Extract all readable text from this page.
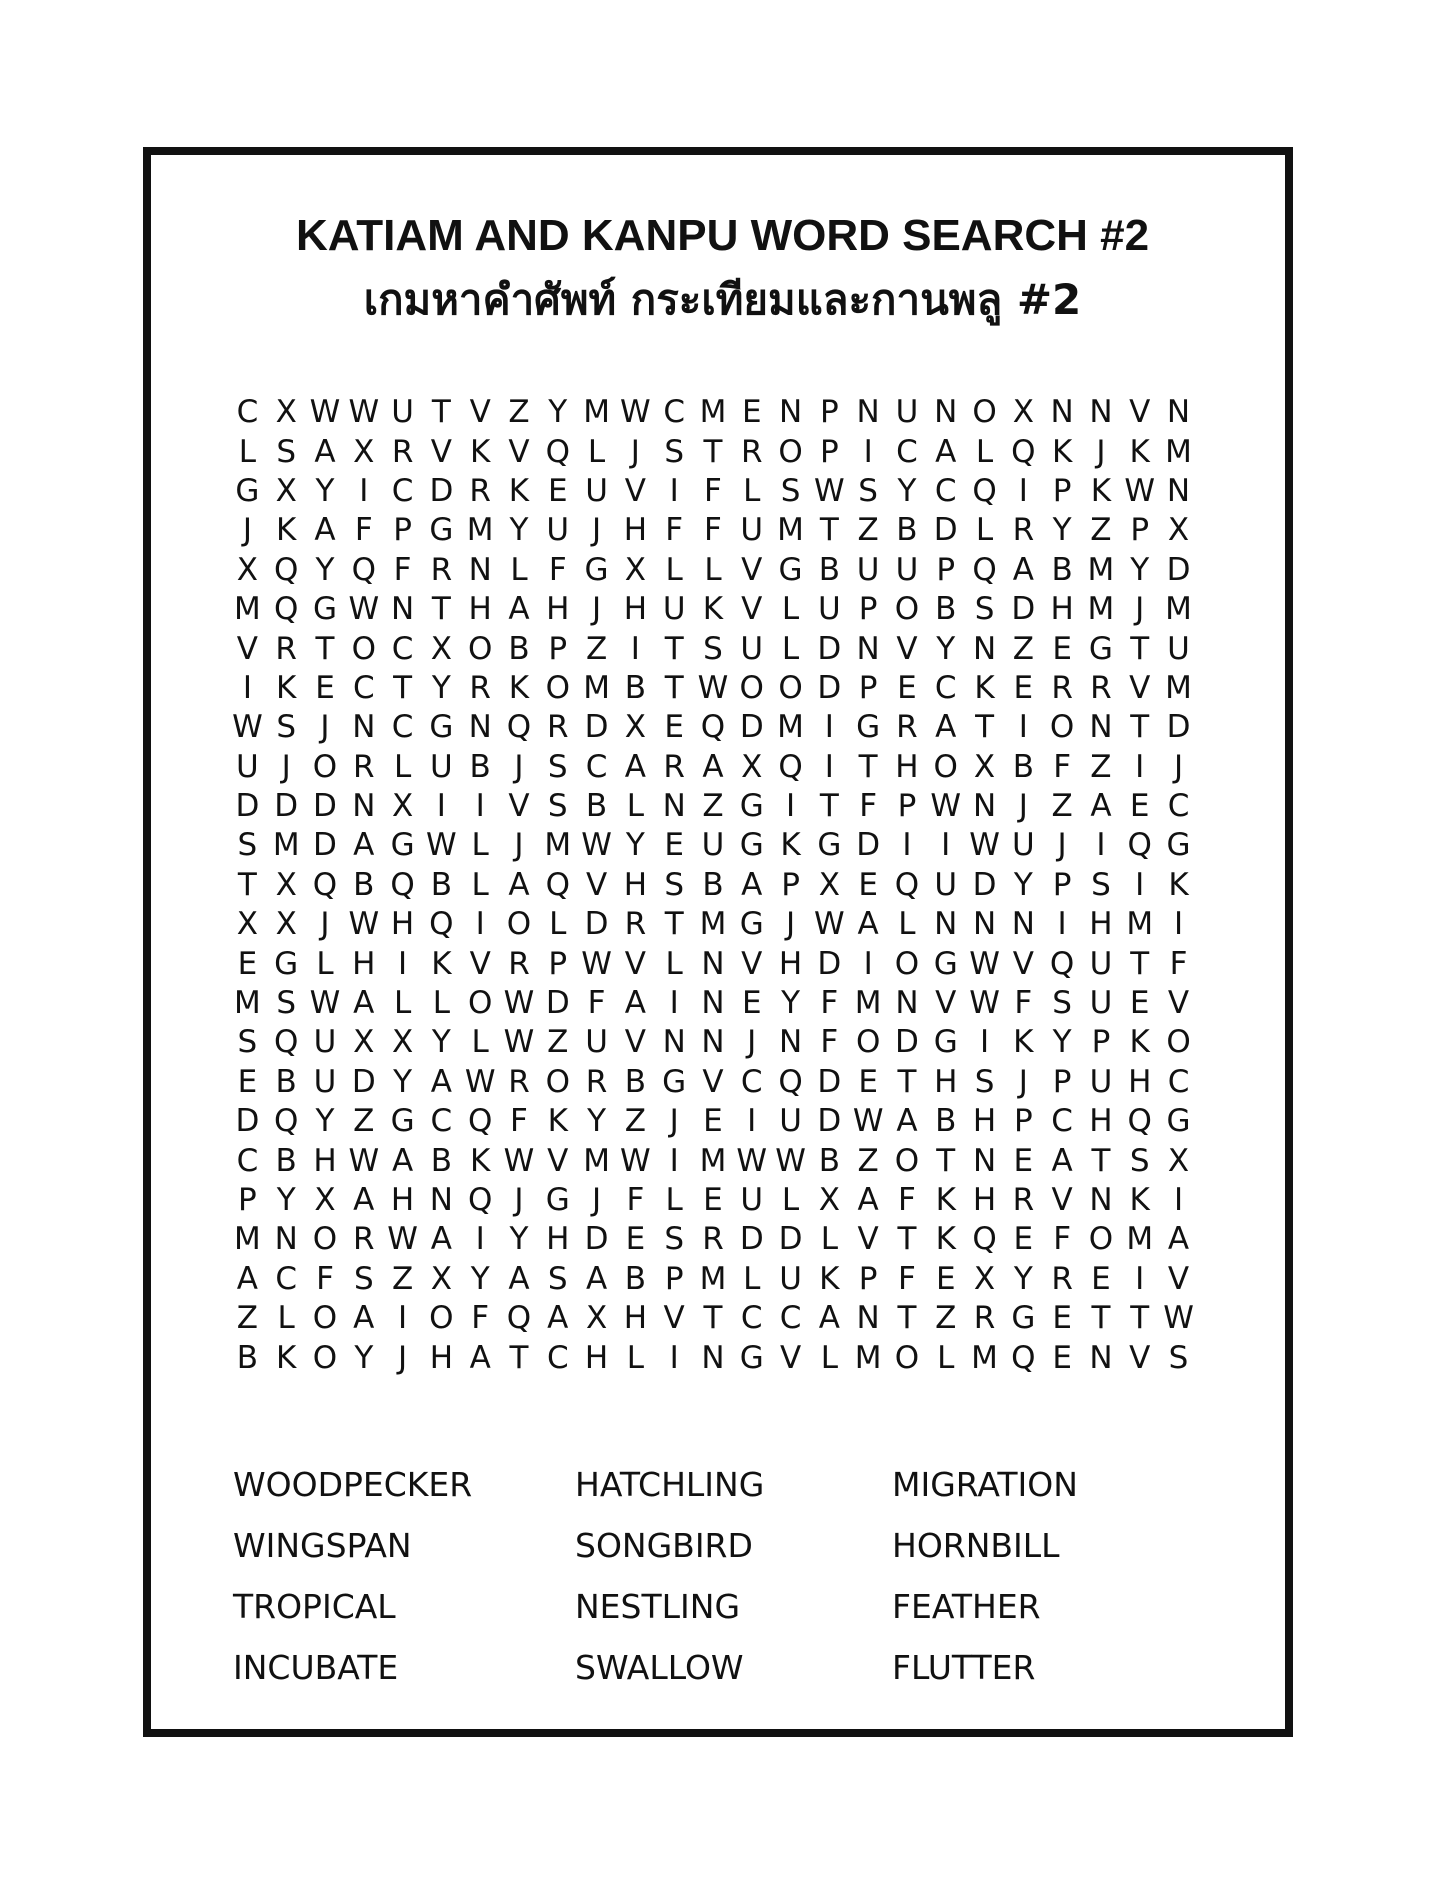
KATIAM AND KANPU WORD SEARCH #2
เกมหาคำศัพท์ กระเทียมและกานพลู #2
C X W W U T V Z Y M W C M E N P N U N O X N N V N
L S A X R V K V Q L J S T R O P I C A L Q K J K M
G X Y I C D R K E U V I F L S W S Y C Q I P K W N
J K A F P G M Y U J H F F U M T Z B D L R Y Z P X
X Q Y Q F R N L F G X L L V G B U U P Q A B M Y D
M Q G W N T H A H J H U K V L U P O B S D H M J M
V R T O C X O B P Z I T S U L D N V Y N Z E G T U
I K E C T Y R K O M B T W O O D P E C K E R R V M
W S J N C G N Q R D X E Q D M I G R A T I O N T D
U J O R L U B J S C A R A X Q I T H O X B F Z I J
D D D N X I I V S B L N Z G I T F P W N J Z A E C
S M D A G W L J M W Y E U G K G D I I W U J I Q G
T X Q B Q B L A Q V H S B A P X E Q U D Y P S I K
X X J W H Q I O L D R T M G J W A L N N N I H M I
E G L H I K V R P W V L N V H D I O G W V Q U T F
M S W A L L O W D F A I N E Y F M N V W F S U E V
S Q U X X Y L W Z U V N N J N F O D G I K Y P K O
E B U D Y A W R O R B G V C Q D E T H S J P U H C
D Q Y Z G C Q F K Y Z J E I U D W A B H P C H Q G
C B H W A B K W V M W I M W W B Z O T N E A T S X
P Y X A H N Q J G J F L E U L X A F K H R V N K I
M N O R W A I Y H D E S R D D L V T K Q E F O M A
A C F S Z X Y A S A B P M L U K P F E X Y R E I V
Z L O A I O F Q A X H V T C C A N T Z R G E T T W
B K O Y J H A T C H L I N G V L M O L M Q E N V S
WOODPECKER	HATCHLING	MIGRATION
WINGSPAN	SONGBIRD	HORNBILL
TROPICAL	NESTLING	FEATHER
INCUBATE	SWALLOW	FLUTTER
